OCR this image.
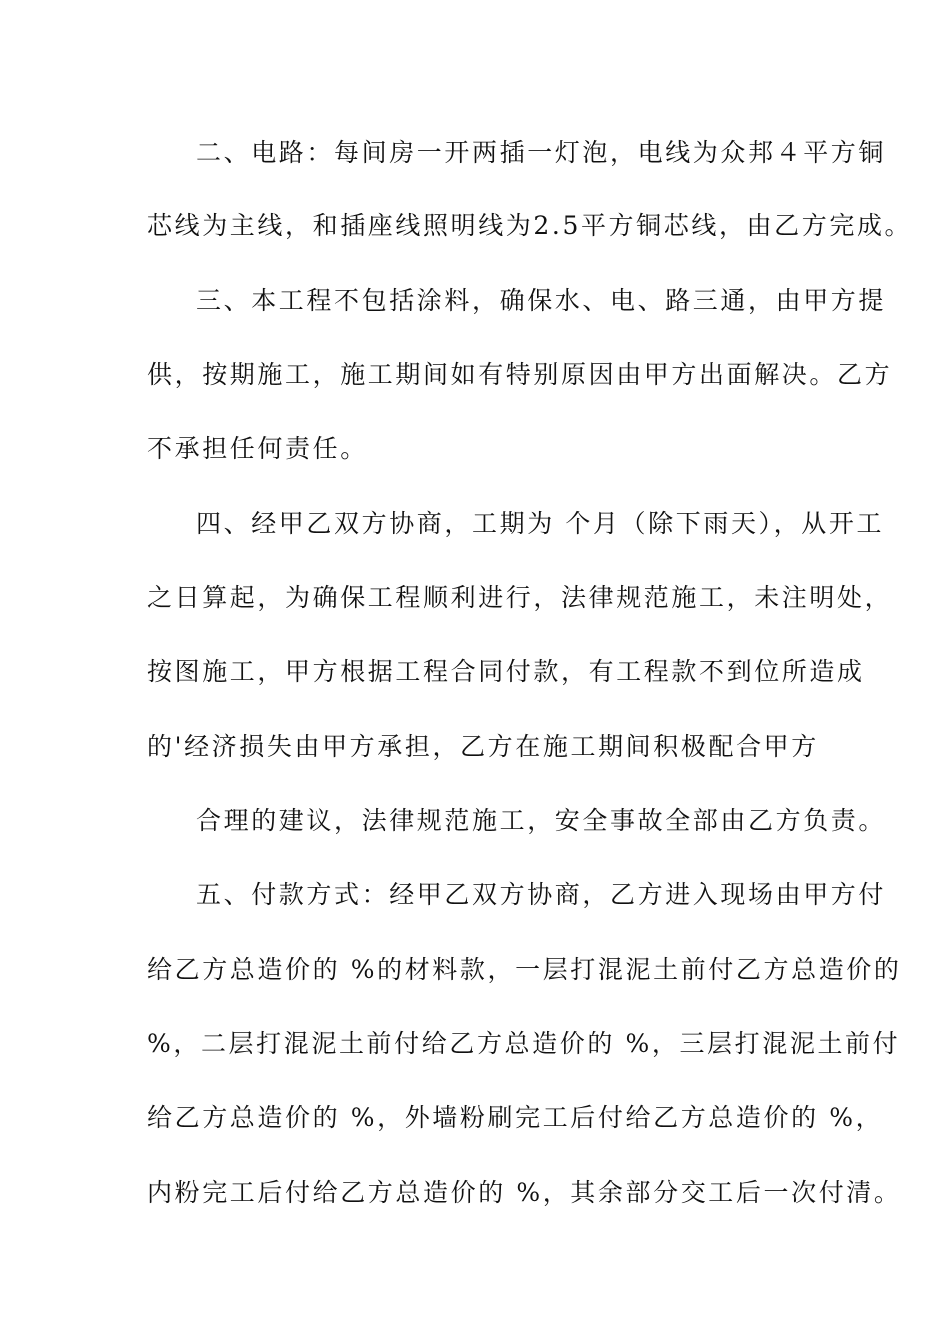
二、电路：每间房一开两插一灯泡，电线为众邦４平方铜
芯线为主线，和插座线照明线为2.5平方铜芯线，由乙方完成。
三、本工程不包括涂料，确保水、电、路三通，由甲方提
供，按期施工，施工期间如有特别原因由甲方出面解决。乙方
不承担任何责任。
四、经甲乙双方协商，工期为 个月（除下雨天），从开工
之日算起，为确保工程顺利进行，法律规范施工，未注明处，
按图施工，甲方根据工程合同付款，有工程款不到位所造成
的'经济损失由甲方承担，乙方在施工期间积极配合甲方
合理的建议，法律规范施工，安全事故全部由乙方负责。
五、付款方式：经甲乙双方协商，乙方进入现场由甲方付
给乙方总造价的 %的材料款，一层打混泥土前付乙方总造价的
%，二层打混泥土前付给乙方总造价的 %，三层打混泥土前付
给乙方总造价的 %，外墙粉刷完工后付给乙方总造价的 %，
内粉完工后付给乙方总造价的 %，其余部分交工后一次付清。
